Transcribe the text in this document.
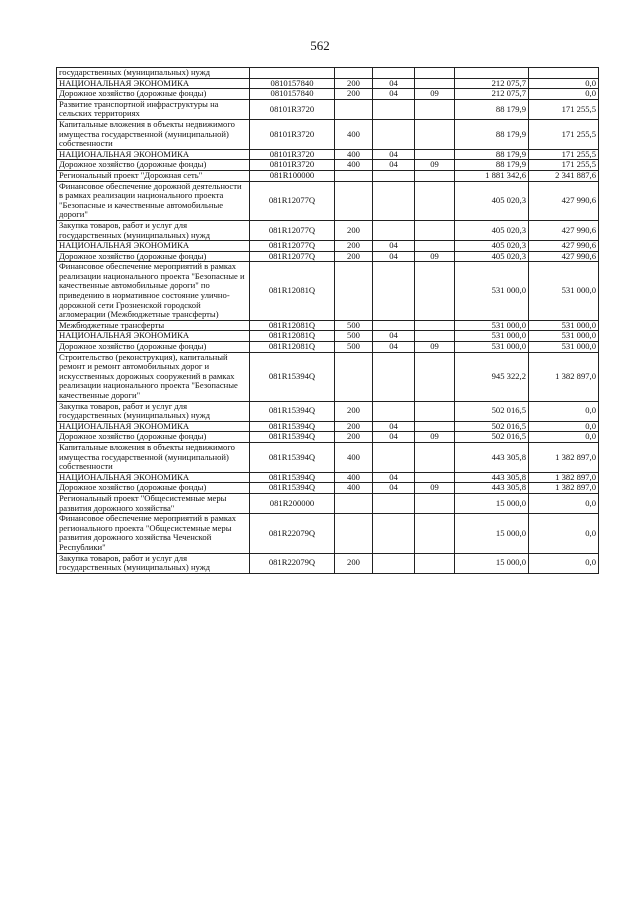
562
государственных (муниципальных) нужд						
НАЦИОНАЛЬНАЯ ЭКОНОМИКА	0810157840	200	04		212 075,7	0,0
Дорожное хозяйство (дорожные фонды)	0810157840	200	04	09	212 075,7	0,0
Развитие транспортной инфраструктуры на сельских территориях	08101R3720				88 179,9	171 255,5
Капитальные вложения в объекты недвижимого имущества государственной (муниципальной) собственности	08101R3720	400			88 179,9	171 255,5
НАЦИОНАЛЬНАЯ ЭКОНОМИКА	08101R3720	400	04		88 179,9	171 255,5
Дорожное хозяйство (дорожные фонды)	08101R3720	400	04	09	88 179,9	171 255,5
Региональный проект "Дорожная сеть"	081R100000				1 881 342,6	2 341 887,6
Финансовое обеспечение дорожной деятельности в рамках реализации национального проекта "Безопасные и качественные автомобильные дороги"	081R12077Q				405 020,3	427 990,6
Закупка товаров, работ и услуг для государственных (муниципальных) нужд	081R12077Q	200			405 020,3	427 990,6
НАЦИОНАЛЬНАЯ ЭКОНОМИКА	081R12077Q	200	04		405 020,3	427 990,6
Дорожное хозяйство (дорожные фонды)	081R12077Q	200	04	09	405 020,3	427 990,6
Финансовое обеспечение мероприятий в рамках реализации национального проекта "Безопасные и качественные автомобильные дороги" по приведению в нормативное состояние улично-дорожной сети Грозненской городской агломерации (Межбюджетные трансферты)	081R12081Q				531 000,0	531 000,0
Межбюджетные трансферты	081R12081Q	500			531 000,0	531 000,0
НАЦИОНАЛЬНАЯ ЭКОНОМИКА	081R12081Q	500	04		531 000,0	531 000,0
Дорожное хозяйство (дорожные фонды)	081R12081Q	500	04	09	531 000,0	531 000,0
Строительство (реконструкция), капитальный ремонт и ремонт автомобильных дорог и искусственных дорожных сооружений в рамках реализации национального проекта "Безопасные качественные дороги"	081R15394Q				945 322,2	1 382 897,0
Закупка товаров, работ и услуг для государственных (муниципальных) нужд	081R15394Q	200			502 016,5	0,0
НАЦИОНАЛЬНАЯ ЭКОНОМИКА	081R15394Q	200	04		502 016,5	0,0
Дорожное хозяйство (дорожные фонды)	081R15394Q	200	04	09	502 016,5	0,0
Капитальные вложения в объекты недвижимого имущества государственной (муниципальной) собственности	081R15394Q	400			443 305,8	1 382 897,0
НАЦИОНАЛЬНАЯ ЭКОНОМИКА	081R15394Q	400	04		443 305,8	1 382 897,0
Дорожное хозяйство (дорожные фонды)	081R15394Q	400	04	09	443 305,8	1 382 897,0
Региональный проект "Общесистемные меры развития дорожного хозяйства"	081R200000				15 000,0	0,0
Финансовое обеспечение мероприятий в рамках регионального проекта "Общесистемные меры развития дорожного хозяйства Чеченской Республики"	081R22079Q				15 000,0	0,0
Закупка товаров, работ и услуг для государственных (муниципальных) нужд	081R22079Q	200			15 000,0	0,0
